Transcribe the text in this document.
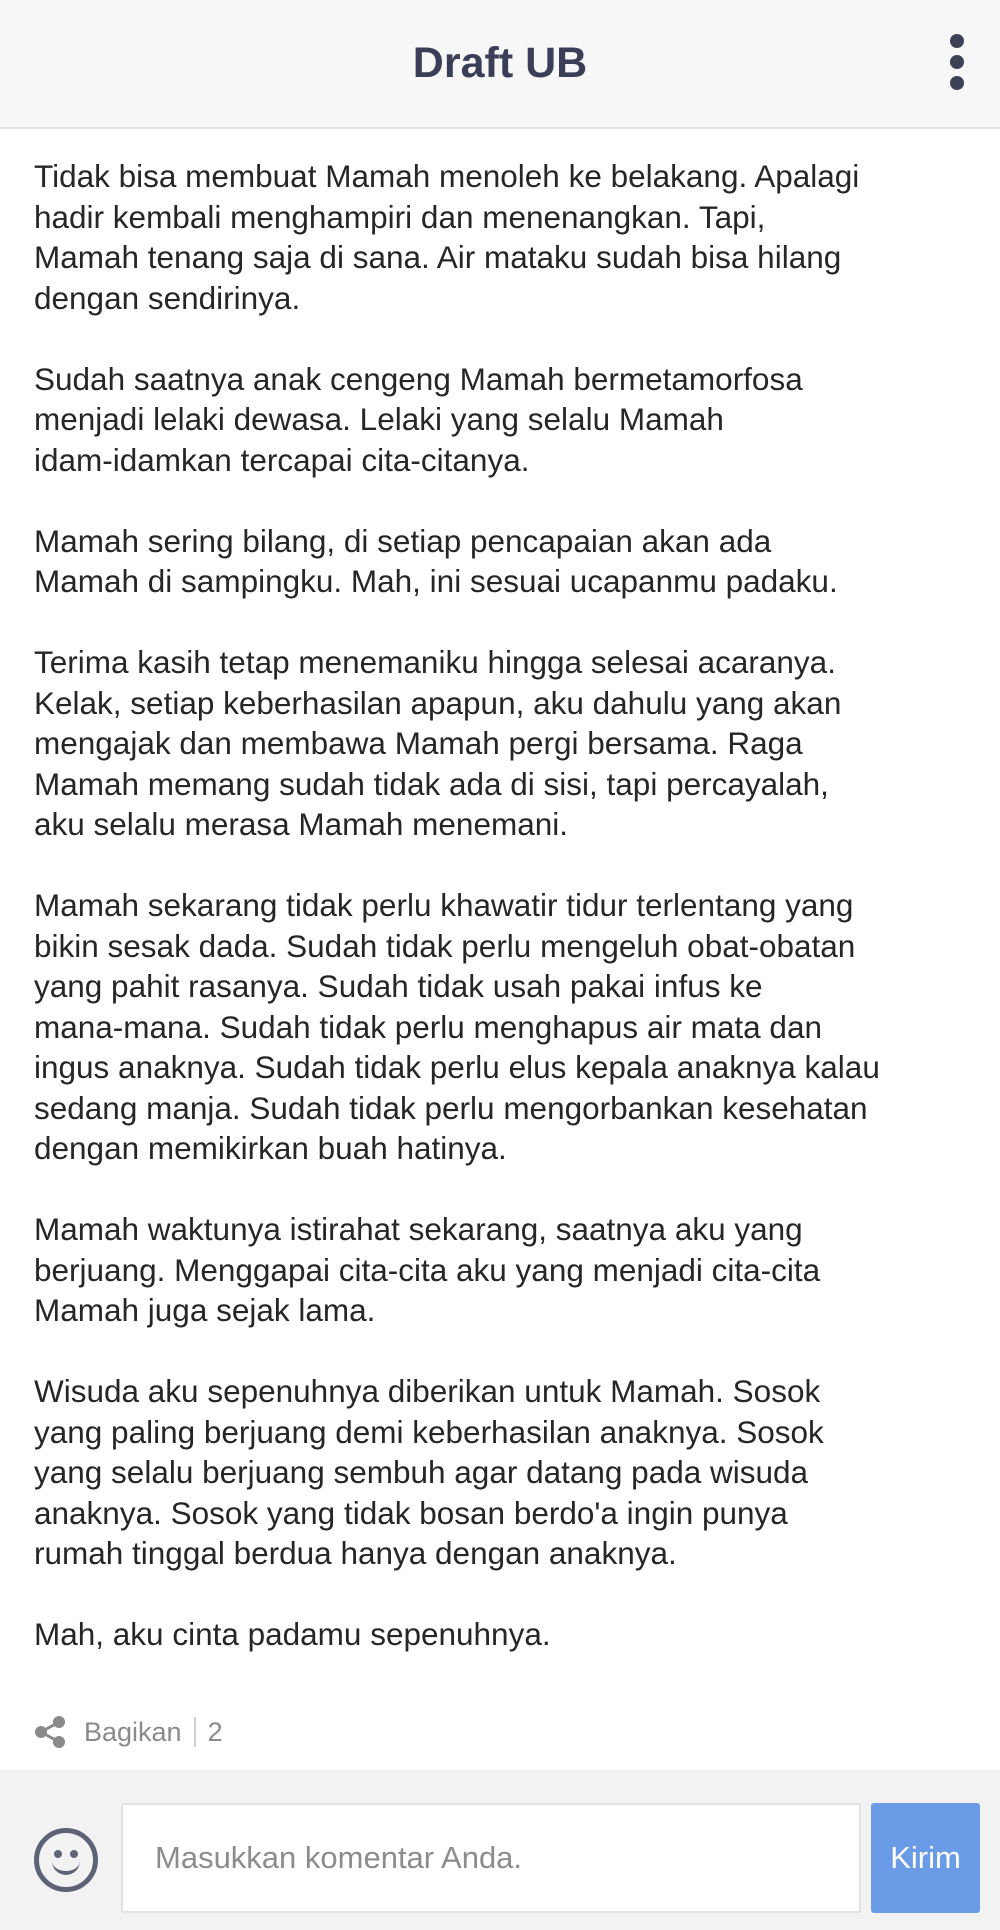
Draft UB

Tidak bisa membuat Mamah menoleh ke belakang. Apalagi
hadir kembali menghampiri dan menenangkan. Tapi,
Mamah tenang saja di sana. Air mataku sudah bisa hilang
dengan sendirinya.

Sudah saatnya anak cengeng Mamah bermetamorfosa
menjadi lelaki dewasa. Lelaki yang selalu Mamah
idam-idamkan tercapai cita-citanya.

Mamah sering bilang, di setiap pencapaian akan ada
Mamah di sampingku. Mah, ini sesuai ucapanmu padaku.

Terima kasih tetap menemaniku hingga selesai acaranya.
Kelak, setiap keberhasilan apapun, aku dahulu yang akan
mengajak dan membawa Mamah pergi bersama. Raga
Mamah memang sudah tidak ada di sisi, tapi percayalah,
aku selalu merasa Mamah menemani.

Mamah sekarang tidak perlu khawatir tidur terlentang yang
bikin sesak dada. Sudah tidak perlu mengeluh obat-obatan
yang pahit rasanya. Sudah tidak usah pakai infus ke
mana-mana. Sudah tidak perlu menghapus air mata dan
ingus anaknya. Sudah tidak perlu elus kepala anaknya kalau
sedang manja. Sudah tidak perlu mengorbankan kesehatan
dengan memikirkan buah hatinya.

Mamah waktunya istirahat sekarang, saatnya aku yang
berjuang. Menggapai cita-cita aku yang menjadi cita-cita
Mamah juga sejak lama.

Wisuda aku sepenuhnya diberikan untuk Mamah. Sosok
yang paling berjuang demi keberhasilan anaknya. Sosok
yang selalu berjuang sembuh agar datang pada wisuda
anaknya. Sosok yang tidak bosan berdo'a ingin punya
rumah tinggal berdua hanya dengan anaknya.

Mah, aku cinta padamu sepenuhnya.

Bagikan 2
Masukkan komentar Anda.
Kirim
